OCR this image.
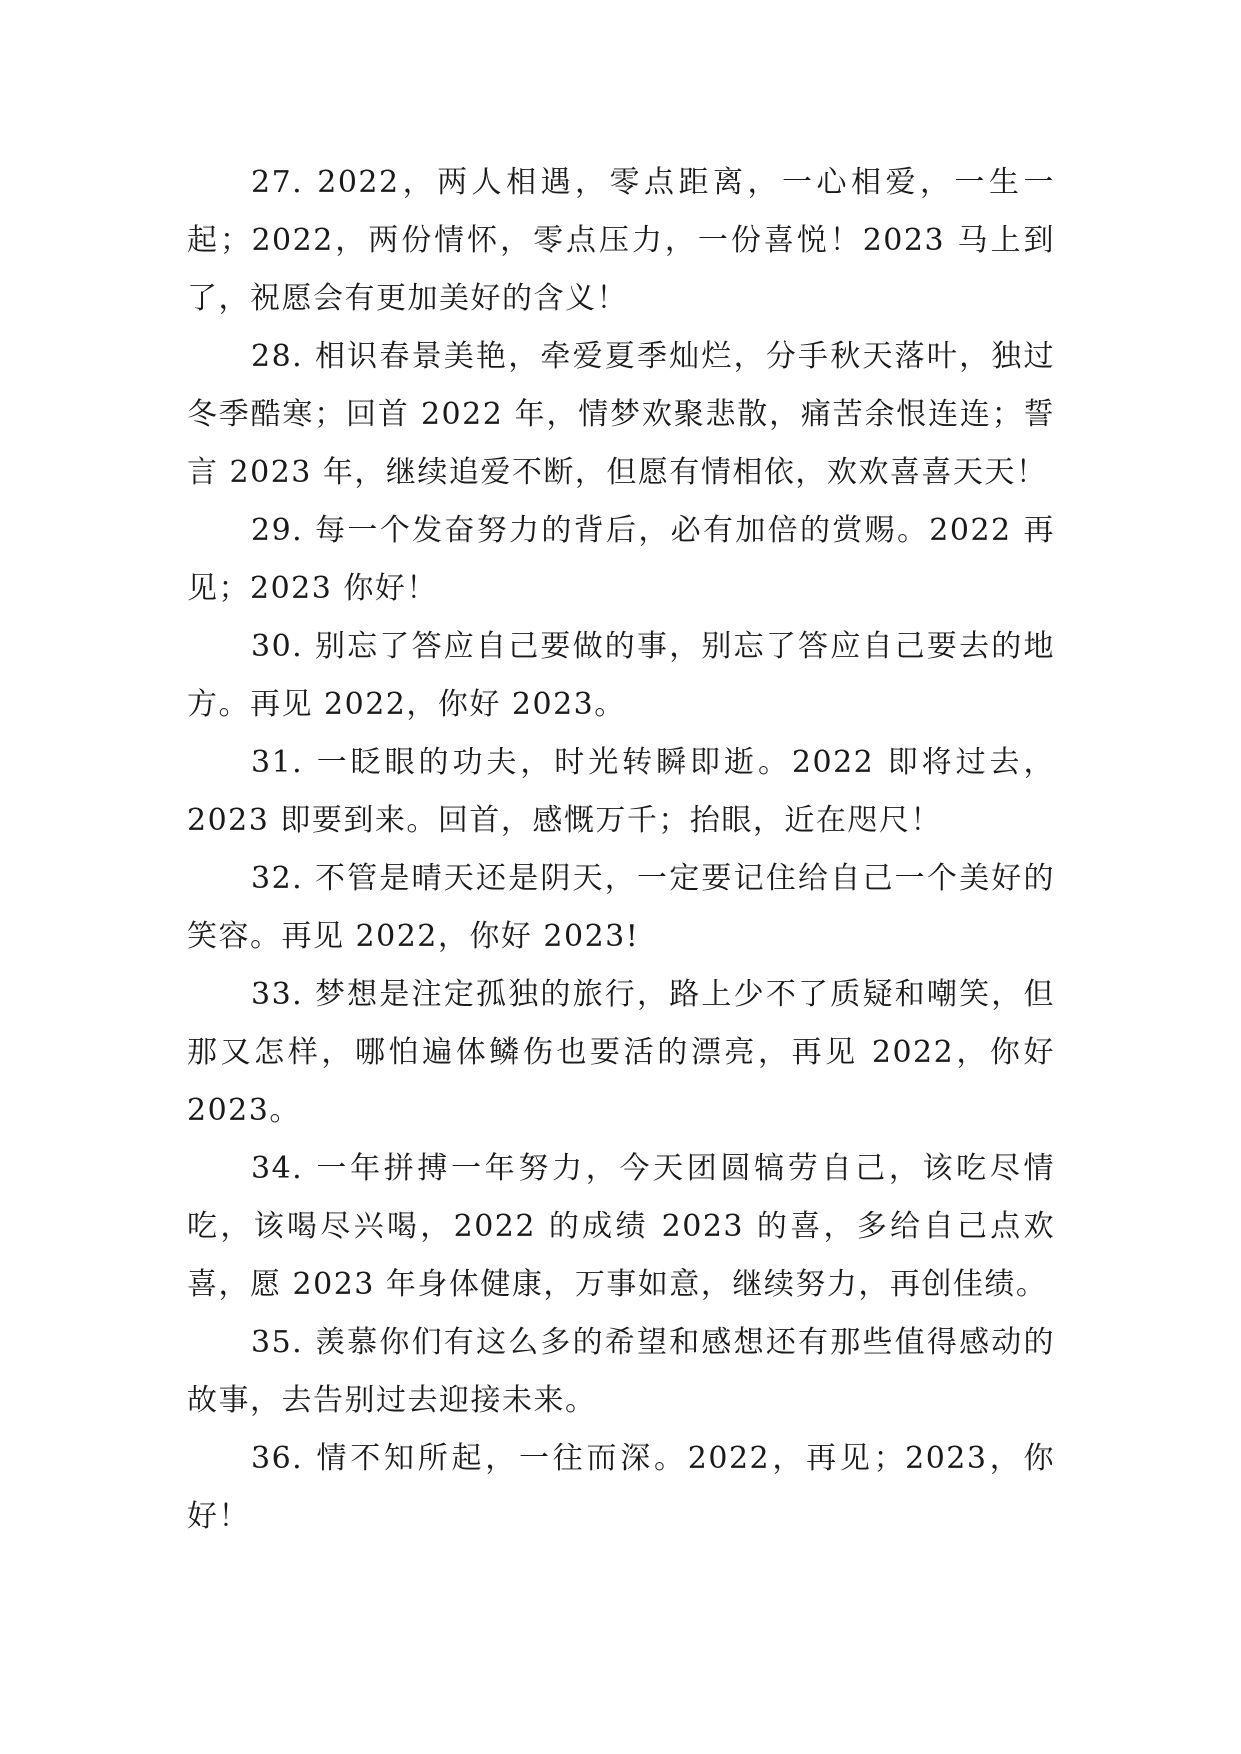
27. 2022，两人相遇，零点距离，一心相爱，一生一起；2022，两份情怀，零点压力，一份喜悦！2023 马上到了，祝愿会有更加美好的含义！

28. 相识春景美艳，牵爱夏季灿烂，分手秋天落叶，独过冬季酷寒；回首 2022 年，情梦欢聚悲散，痛苦余恨连连；誓言 2023 年，继续追爱不断，但愿有情相依，欢欢喜喜天天！

29. 每一个发奋努力的背后，必有加倍的赏赐。2022 再见；2023 你好！

30. 别忘了答应自己要做的事，别忘了答应自己要去的地方。再见 2022，你好 2023。

31. 一眨眼的功夫，时光转瞬即逝。2022 即将过去，2023 即要到来。回首，感慨万千；抬眼，近在咫尺！

32. 不管是晴天还是阴天，一定要记住给自己一个美好的笑容。再见 2022，你好 2023!

33. 梦想是注定孤独的旅行，路上少不了质疑和嘲笑，但那又怎样，哪怕遍体鳞伤也要活的漂亮，再见 2022，你好 2023。

34. 一年拼搏一年努力，今天团圆犒劳自己，该吃尽情吃，该喝尽兴喝，2022 的成绩 2023 的喜，多给自己点欢喜，愿 2023 年身体健康，万事如意，继续努力，再创佳绩。

35. 羡慕你们有这么多的希望和感想还有那些值得感动的故事，去告别过去迎接未来。

36. 情不知所起，一往而深。2022，再见；2023，你好！
